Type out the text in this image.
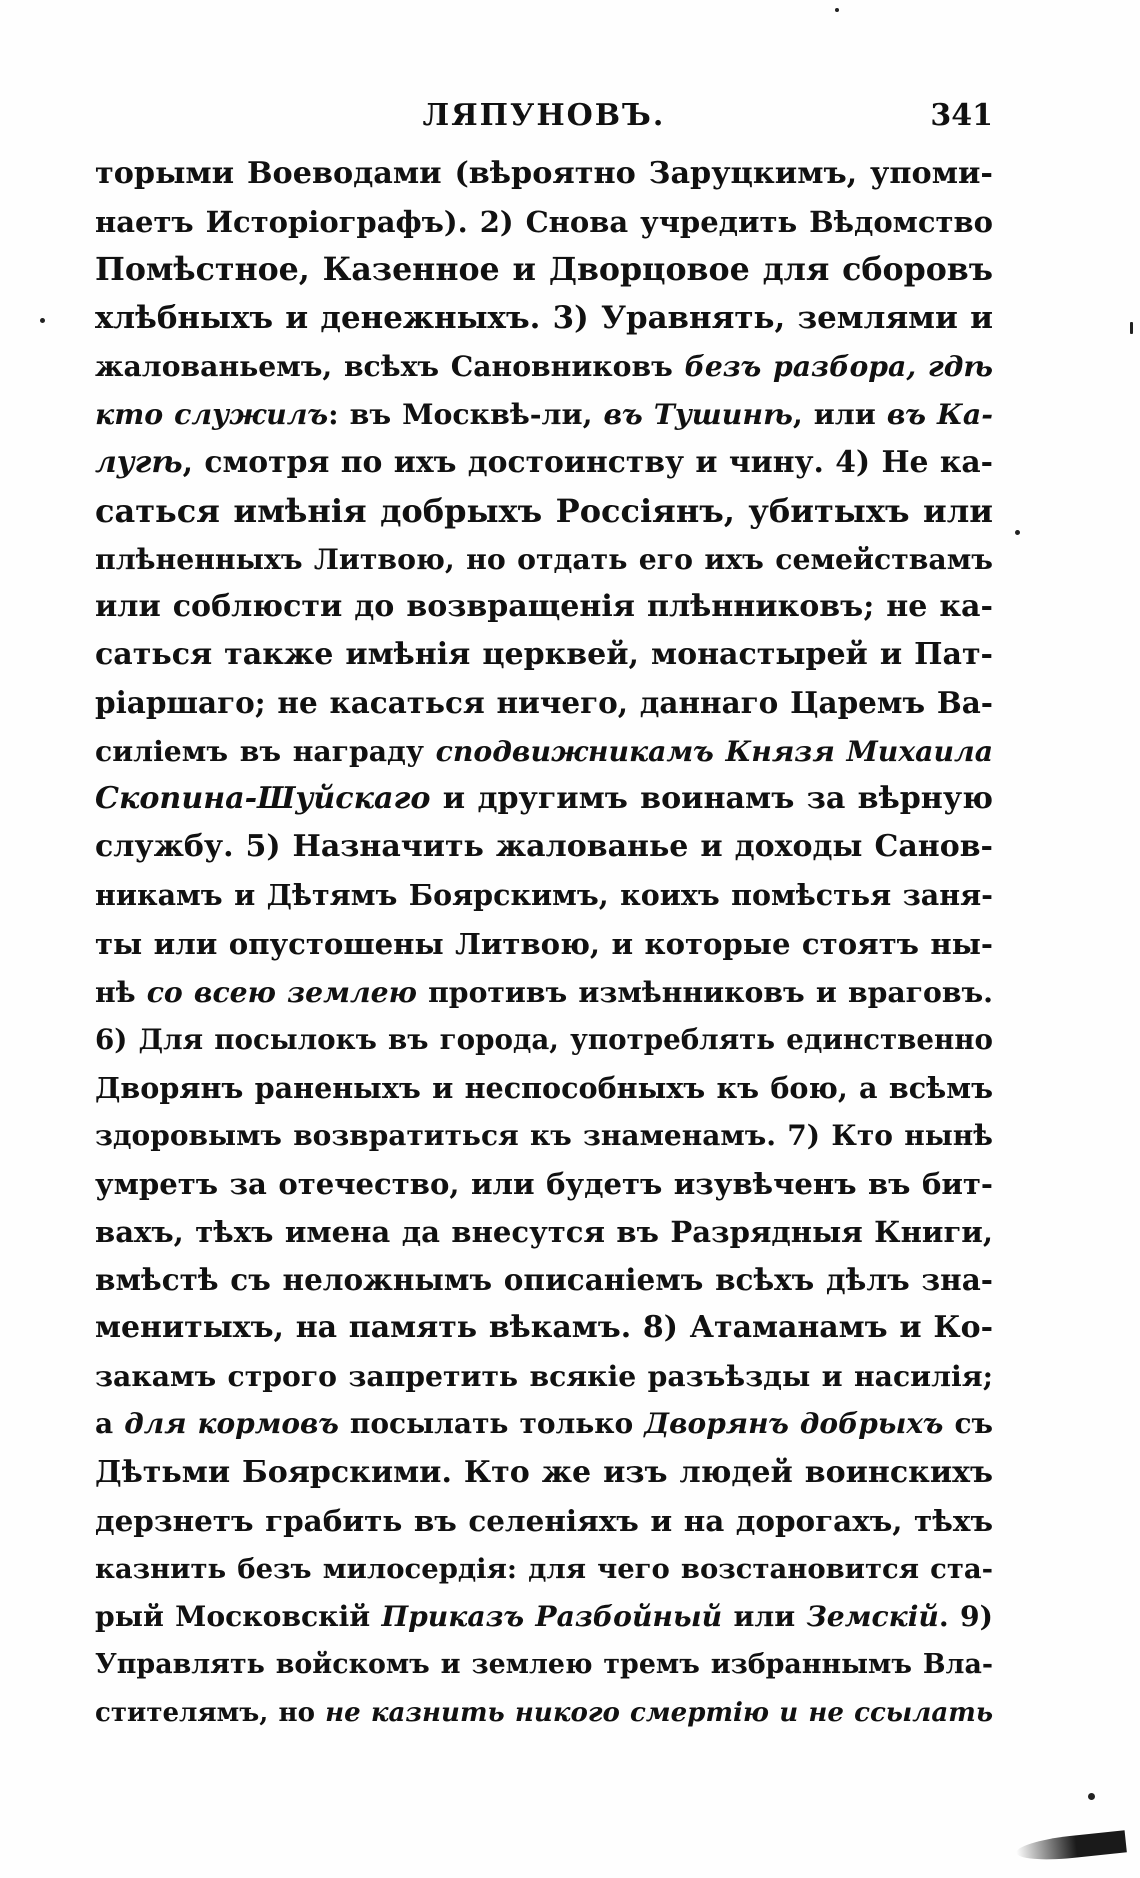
ЛЯПУНОВЪ.	341
торыми Воеводами (вѣроятно Заруцкимъ, упоми-
наетъ Исторіографъ). 2) Снова учредить Вѣдомство
Помѣстное, Казенное и Дворцовое для сборовъ
хлѣбныхъ и денежныхъ. 3) Уравнять, землями и
жалованьемъ, всѣхъ Сановниковъ безъ разбора, гдѣ
кто служилъ: въ Москвѣ-ли, въ Тушинѣ, или въ Ка-
лугѣ, смотря по ихъ достоинству и чину. 4) Не ка-
саться имѣнія добрыхъ Россіянъ, убитыхъ или
плѣненныхъ Литвою, но отдать его ихъ семействамъ
или соблюсти до возвращенія плѣнниковъ; не ка-
саться также имѣнія церквей, монастырей и Пат-
ріаршаго; не касаться ничего, даннаго Царемъ Ва-
силіемъ въ награду сподвижникамъ Князя Михаила
Скопина-Шуйскаго и другимъ воинамъ за вѣрную
службу. 5) Назначить жалованье и доходы Санов-
никамъ и Дѣтямъ Боярскимъ, коихъ помѣстья заня-
ты или опустошены Литвою, и которые стоятъ ны-
нѣ со всею землею противъ измѣнниковъ и враговъ.
6) Для посылокъ въ города, употреблять единственно
Дворянъ раненыхъ и неспособныхъ къ бою, а всѣмъ
здоровымъ возвратиться къ знаменамъ. 7) Кто нынѣ
умретъ за отечество, или будетъ изувѣченъ въ бит-
вахъ, тѣхъ имена да внесутся въ Разрядныя Книги,
вмѣстѣ съ неложнымъ описаніемъ всѣхъ дѣлъ зна-
менитыхъ, на память вѣкамъ. 8) Атаманамъ и Ко-
закамъ строго запретить всякіе разъѣзды и насилія;
а для кормовъ посылать только Дворянъ добрыхъ съ
Дѣтьми Боярскими. Кто же изъ людей воинскихъ
дерзнетъ грабить въ селеніяхъ и на дорогахъ, тѣхъ
казнить безъ милосердія: для чего возстановится ста-
рый Московскій Приказъ Разбойный или Земскій. 9)
Управлять войскомъ и землею тремъ избраннымъ Вла-
стителямъ, но не казнить никого смертію и не ссылать
